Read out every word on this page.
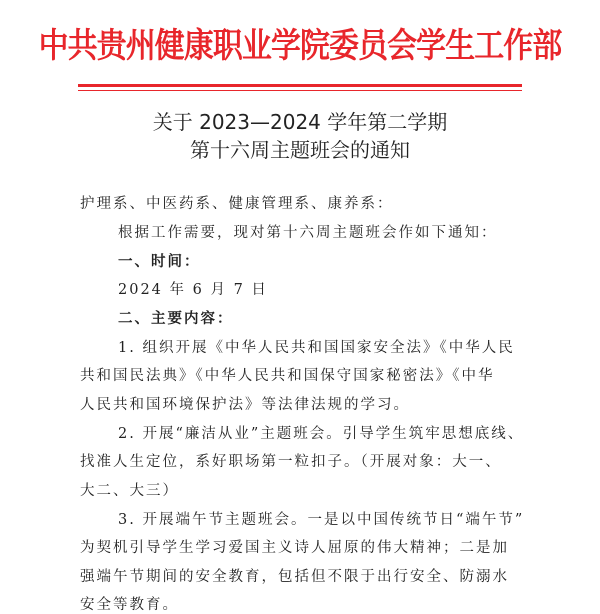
中共贵州健康职业学院委员会学生工作部
关于 2023—2024 学年第二学期
第十六周主题班会的通知
护理系、中医药系、健康管理系、康养系：
根据工作需要，现对第十六周主题班会作如下通知：
一、时间：
2024 年 6 月 7 日
二、主要内容：
1. 组织开展《中华人民共和国国家安全法》《中华人民
共和国民法典》《中华人民共和国保守国家秘密法》《中华
人民共和国环境保护法》等法律法规的学习。
2. 开展“廉洁从业”主题班会。引导学生筑牢思想底线、
找准人生定位，系好职场第一粒扣子。（开展对象：大一、
大二、大三）
3. 开展端午节主题班会。一是以中国传统节日“端午节”
为契机引导学生学习爱国主义诗人屈原的伟大精神；二是加
强端午节期间的安全教育，包括但不限于出行安全、防溺水
安全等教育。
